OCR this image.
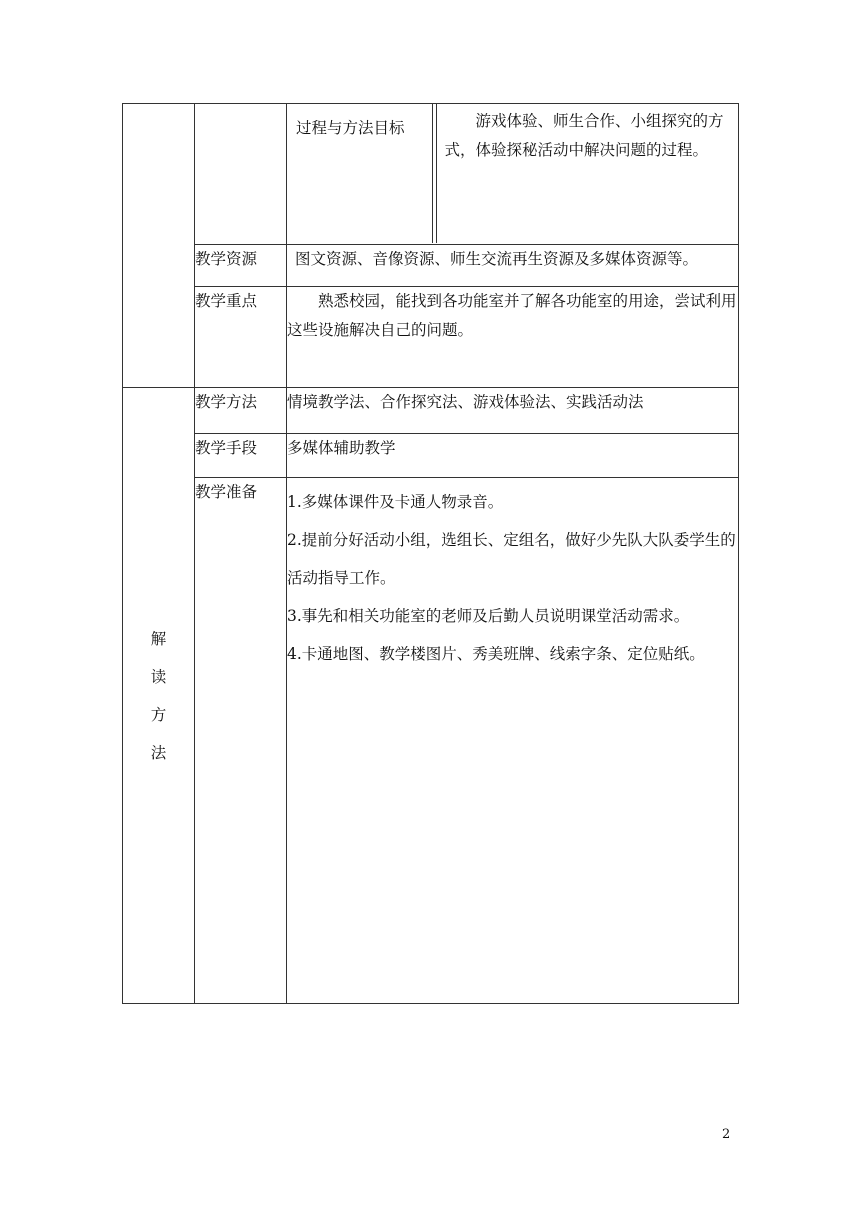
过程与方法目标		游戏体验、师生合作、小组探究的方式，体验探秘活动中解决问题的过程。

教学资源	图文资源、音像资源、师生交流再生资源及多媒体资源等。
教学重点	熟悉校园，能找到各功能室并了解各功能室的用途，尝试利用这些设施解决自己的问题。

解
读
方
法
	教学方法	情境教学法、合作探究法、游戏体验法、实践活动法
教学手段	多媒体辅助教学
教学准备	

1.多媒体课件及卡通人物录音。

2.提前分好活动小组，选组长、定组名，做好少先队大队委学生的活动指导工作。

3.事先和相关功能室的老师及后勤人员说明课堂活动需求。

4.卡通地图、教学楼图片、秀美班牌、线索字条、定位贴纸。

2
